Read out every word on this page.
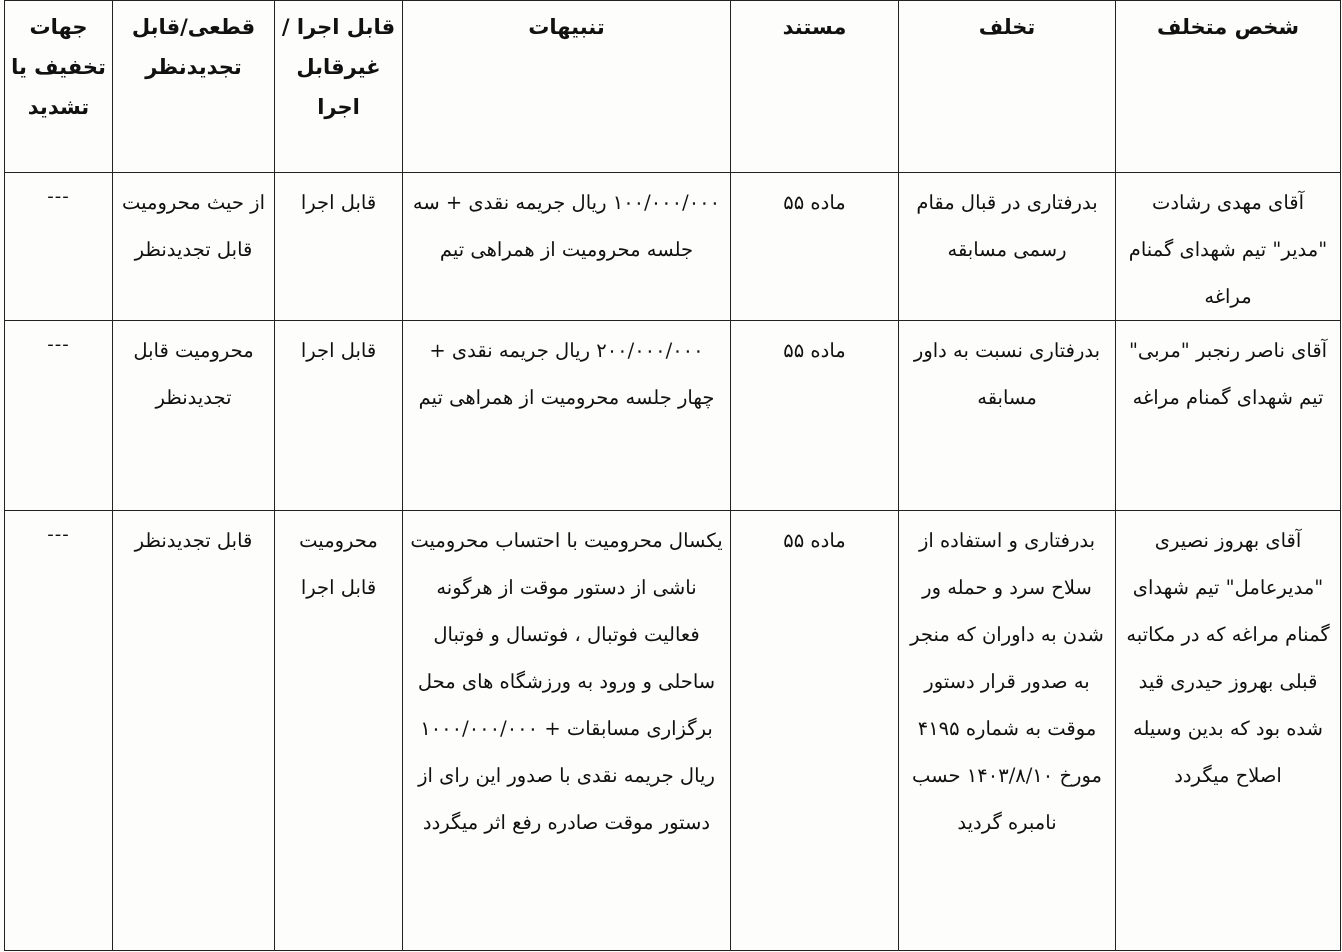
شخص متخلف	تخلف	مستند	تنبیهات	قابل اجرا /غیرقابل اجرا	قطعی/قابل تجدیدنظر	جهات تخفیف یا تشدید

آقای مهدی رشادت "مدیر" تیم شهدای گمنام مراغه	بدرفتاری در قبال مقام رسمی مسابقه	ماده ۵۵	۱۰۰/۰۰۰/۰۰۰ ریال جریمه نقدی + سه جلسه محرومیت از همراهی تیم	قابل اجرا	از حیث محرومیت قابل تجدیدنظر	---

آقای ناصر رنجبر "مربی" تیم شهدای گمنام مراغه	بدرفتاری نسبت به داور مسابقه	ماده ۵۵	۲۰۰/۰۰۰/۰۰۰ ریال جریمه نقدی + چهار جلسه محرومیت از همراهی تیم	قابل اجرا	محرومیت قابل تجدیدنظر	---

آقای بهروز نصیری "مدیرعامل" تیم شهدای گمنام مراغه که در مکاتبه قبلی بهروز حیدری قید شده بود که بدین وسیله اصلاح میگردد	بدرفتاری و استفاده از سلاح سرد و حمله ور شدن به داوران که منجر به صدور قرار دستور موقت به شماره ۴۱۹۵ مورخ ۱۴۰۳/۸/۱۰ حسب نامبره گردید	ماده ۵۵	یکسال محرومیت با احتساب محرومیت ناشی از دستور موقت از هرگونه فعالیت فوتبال ، فوتسال و فوتبال ساحلی و ورود به ورزشگاه های محل برگزاری مسابقات + ۱۰۰۰/۰۰۰/۰۰۰ ریال جریمه نقدی با صدور این رای از دستور موقت صادره رفع اثر میگردد	محرومیت قابل اجرا	قابل تجدیدنظر	---
